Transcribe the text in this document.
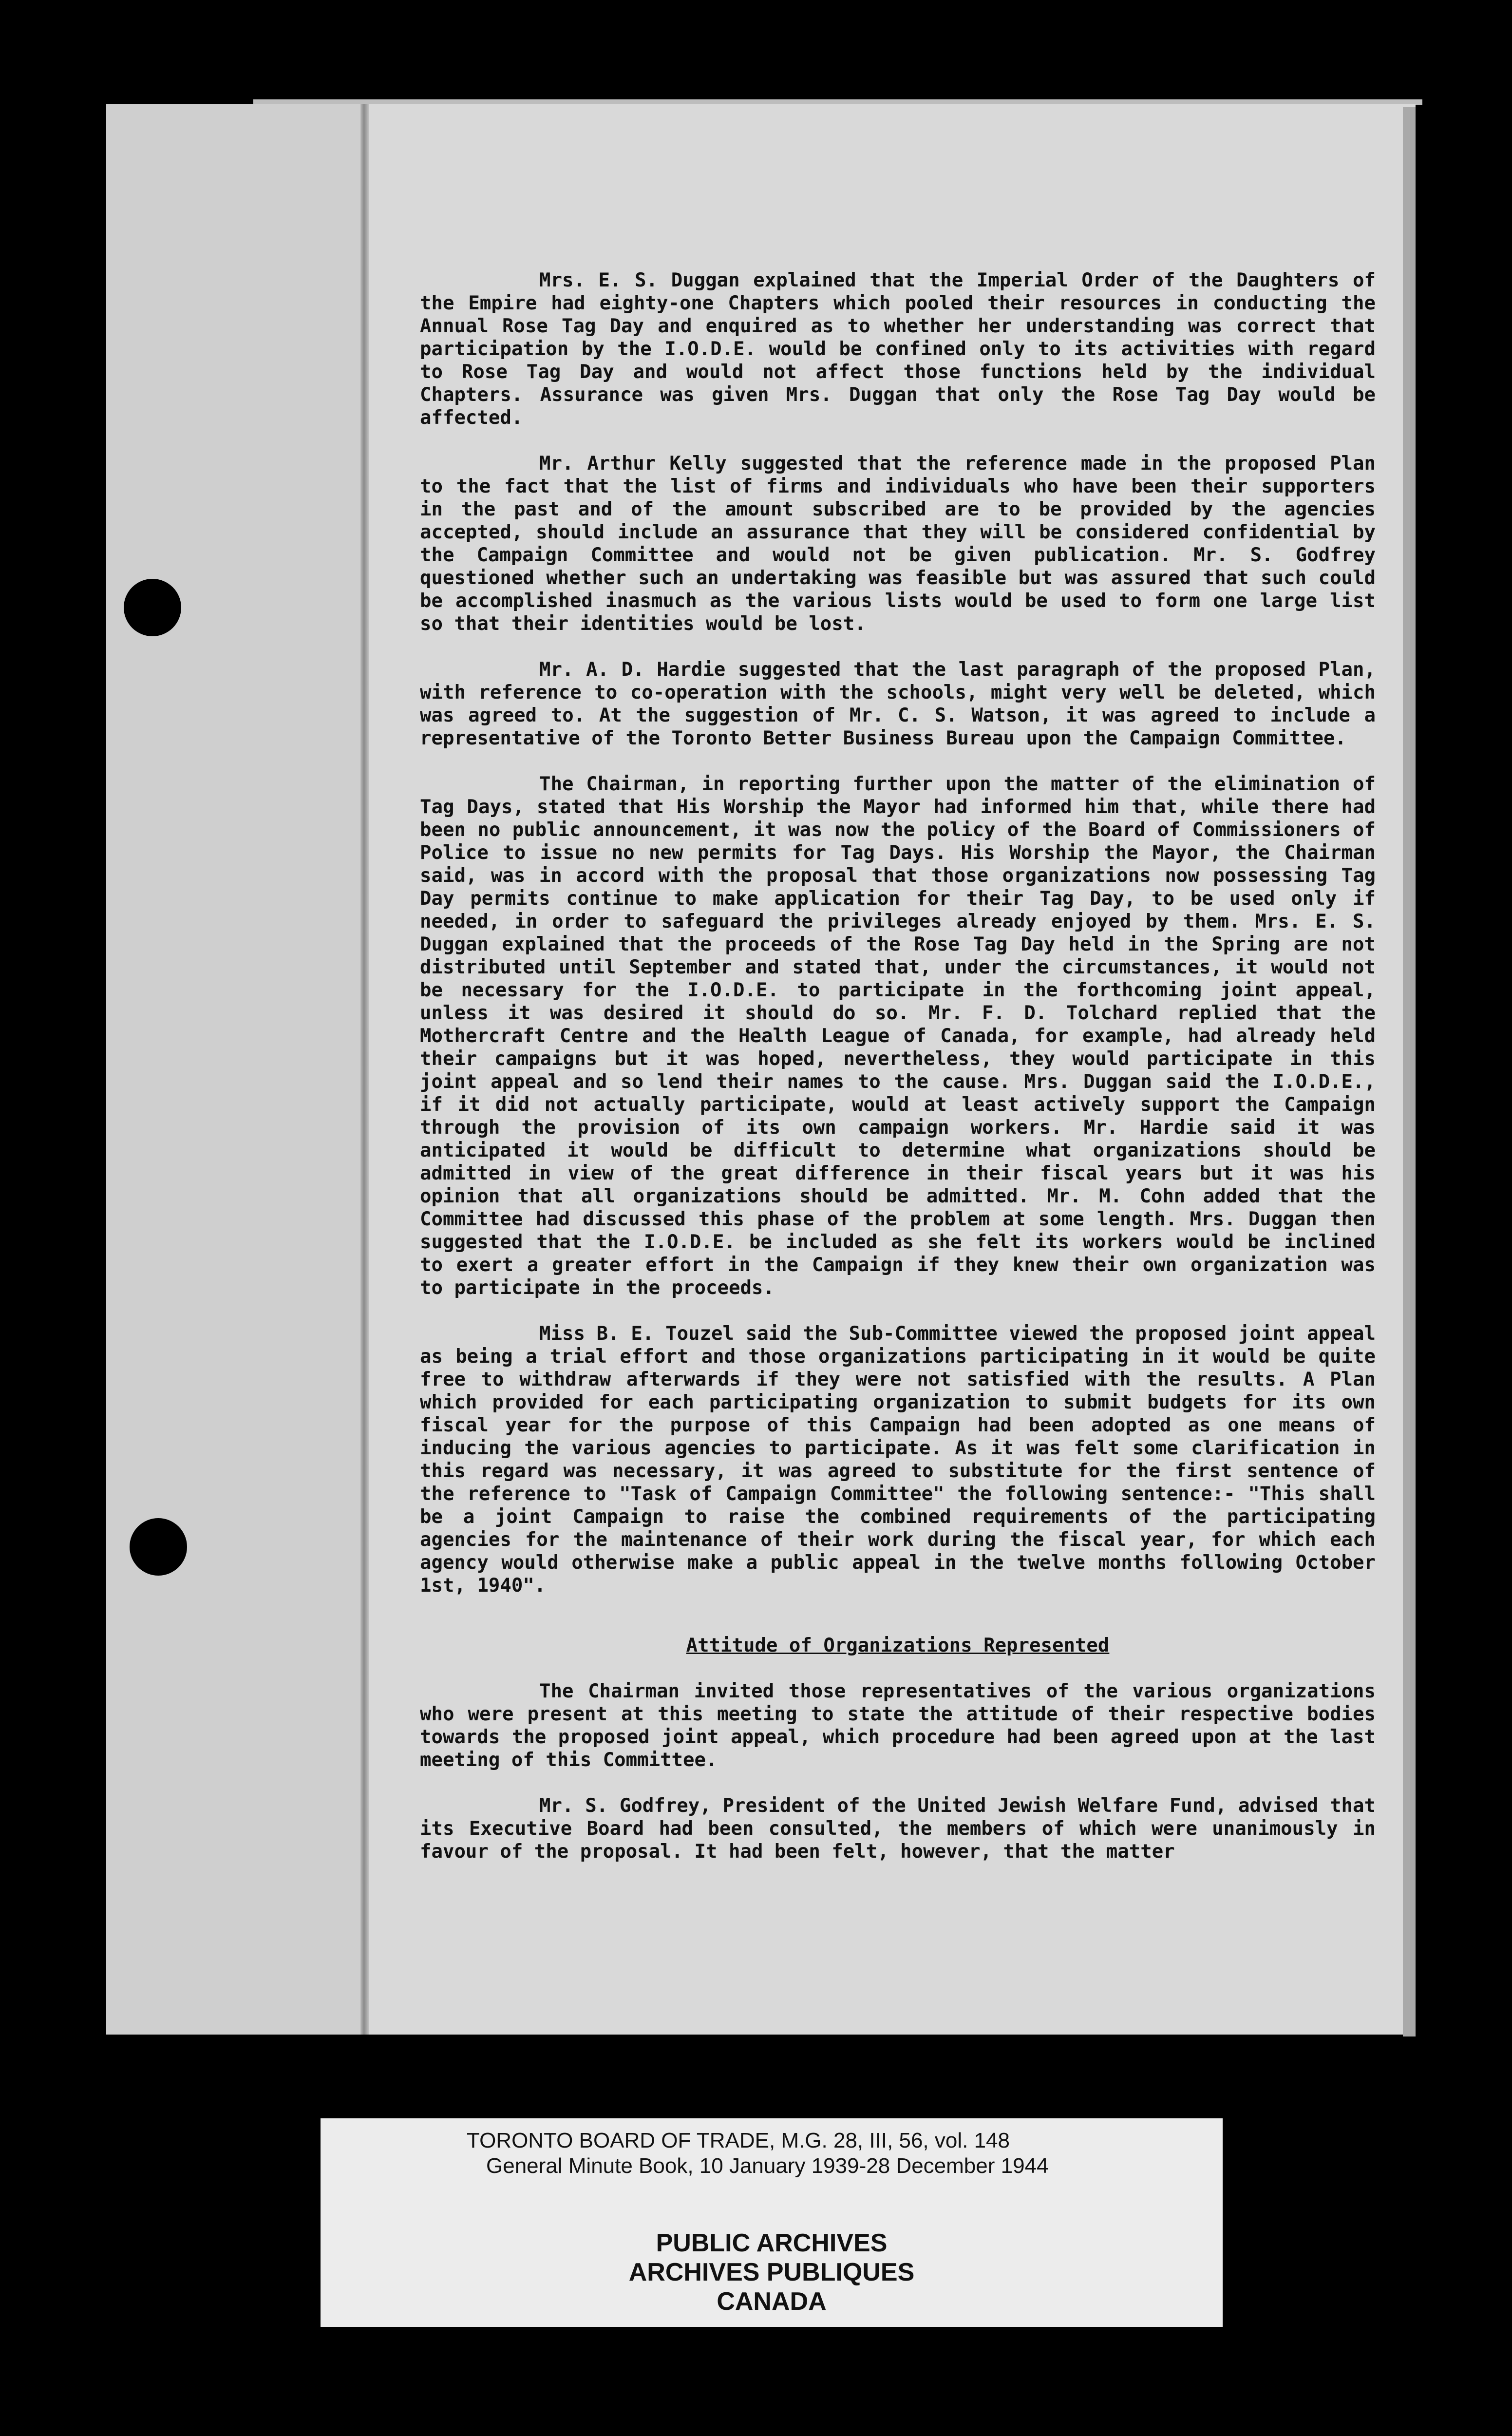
Mrs. E. S. Duggan explained that the Imperial Order of the Daughters of the Empire had eighty-one Chapters which pooled their resources in conducting the Annual Rose Tag Day and enquired as to whether her understanding was correct that participation by the I.O.D.E. would be confined only to its activities with regard to Rose Tag Day and would not affect those functions held by the individual Chapters. Assurance was given Mrs. Duggan that only the Rose Tag Day would be affected.

Mr. Arthur Kelly suggested that the reference made in the proposed Plan to the fact that the list of firms and individuals who have been their supporters in the past and of the amount subscribed are to be provided by the agencies accepted, should include an assurance that they will be considered confidential by the Campaign Committee and would not be given publication. Mr. S. Godfrey questioned whether such an undertaking was feasible but was assured that such could be accomplished inasmuch as the various lists would be used to form one large list so that their identities would be lost.

Mr. A. D. Hardie suggested that the last paragraph of the proposed Plan, with reference to co-operation with the schools, might very well be deleted, which was agreed to. At the suggestion of Mr. C. S. Watson, it was agreed to include a representative of the Toronto Better Business Bureau upon the Campaign Committee.

The Chairman, in reporting further upon the matter of the elimination of Tag Days, stated that His Worship the Mayor had informed him that, while there had been no public announcement, it was now the policy of the Board of Commissioners of Police to issue no new permits for Tag Days. His Worship the Mayor, the Chairman said, was in accord with the proposal that those organizations now possessing Tag Day permits continue to make application for their Tag Day, to be used only if needed, in order to safeguard the privileges already enjoyed by them. Mrs. E. S. Duggan explained that the proceeds of the Rose Tag Day held in the Spring are not distributed until September and stated that, under the circumstances, it would not be necessary for the I.O.D.E. to participate in the forthcoming joint appeal, unless it was desired it should do so. Mr. F. D. Tolchard replied that the Mothercraft Centre and the Health League of Canada, for example, had already held their campaigns but it was hoped, nevertheless, they would participate in this joint appeal and so lend their names to the cause. Mrs. Duggan said the I.O.D.E., if it did not actually participate, would at least actively support the Campaign through the provision of its own campaign workers. Mr. Hardie said it was anticipated it would be difficult to determine what organizations should be admitted in view of the great difference in their fiscal years but it was his opinion that all organizations should be admitted. Mr. M. Cohn added that the Committee had discussed this phase of the problem at some length. Mrs. Duggan then suggested that the I.O.D.E. be included as she felt its workers would be inclined to exert a greater effort in the Campaign if they knew their own organization was to participate in the proceeds.

Miss B. E. Touzel said the Sub-Committee viewed the proposed joint appeal as being a trial effort and those organizations participating in it would be quite free to withdraw afterwards if they were not satisfied with the results. A Plan which provided for each participating organization to submit budgets for its own fiscal year for the purpose of this Campaign had been adopted as one means of inducing the various agencies to participate. As it was felt some clarification in this regard was necessary, it was agreed to substitute for the first sentence of the reference to "Task of Campaign Committee" the following sentence:- "This shall be a joint Campaign to raise the combined requirements of the participating agencies for the maintenance of their work during the fiscal year, for which each agency would otherwise make a public appeal in the twelve months following October 1st, 1940".

Attitude of Organizations Represented

The Chairman invited those representatives of the various organizations who were present at this meeting to state the attitude of their respective bodies towards the proposed joint appeal, which procedure had been agreed upon at the last meeting of this Committee.

Mr. S. Godfrey, President of the United Jewish Welfare Fund, advised that its Executive Board had been consulted, the members of which were unanimously in favour of the proposal. It had been felt, however, that the matter

TORONTO BOARD OF TRADE, M.G. 28, III, 56, vol. 148
General Minute Book, 10 January 1939-28 December 1944
PUBLIC ARCHIVES
ARCHIVES PUBLIQUES
CANADA
